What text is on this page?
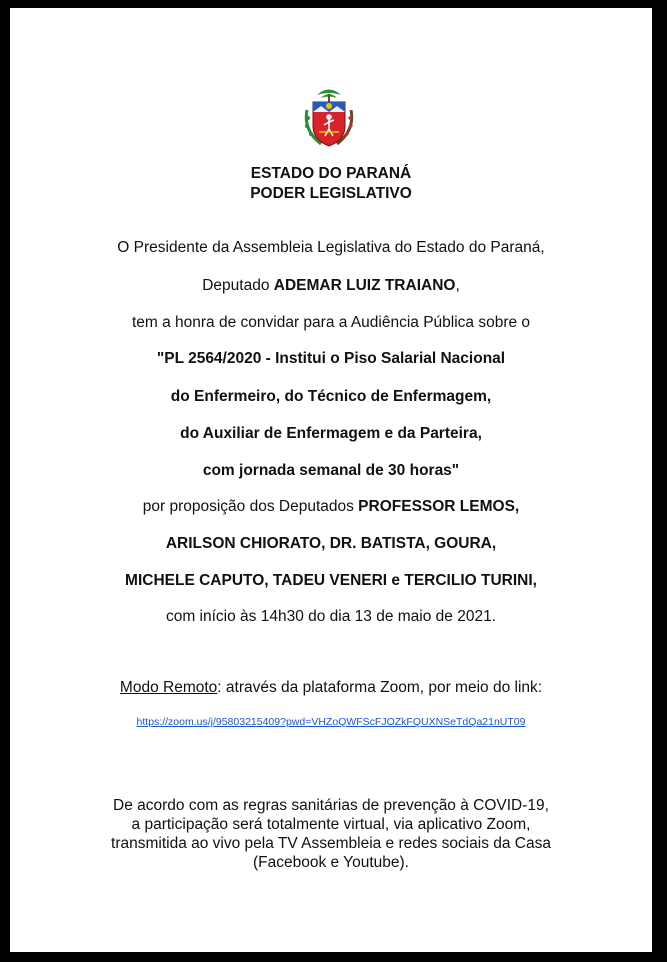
ESTADO DO PARANÁ
PODER LEGISLATIVO
O Presidente da Assembleia Legislativa do Estado do Paraná,
Deputado ADEMAR LUIZ TRAIANO,
tem a honra de convidar para a Audiência Pública sobre o
"PL 2564/2020 - Institui o Piso Salarial Nacional
do Enfermeiro, do Técnico de Enfermagem,
do Auxiliar de Enfermagem e da Parteira,
com jornada semanal de 30 horas"
por proposição dos Deputados PROFESSOR LEMOS,
ARILSON CHIORATO, DR. BATISTA, GOURA,
MICHELE CAPUTO, TADEU VENERI e TERCILIO TURINI,
com início às 14h30 do dia 13 de maio de 2021.
Modo Remoto: através da plataforma Zoom, por meio do link:
https://zoom.us/j/95803215409?pwd=VHZoQWFScFJOZkFQUXNSeTdQa21nUT09
De acordo com as regras sanitárias de prevenção à COVID-19,
a participação será totalmente virtual, via aplicativo Zoom,
transmitida ao vivo pela TV Assembleia e redes sociais da Casa
(Facebook e Youtube).
